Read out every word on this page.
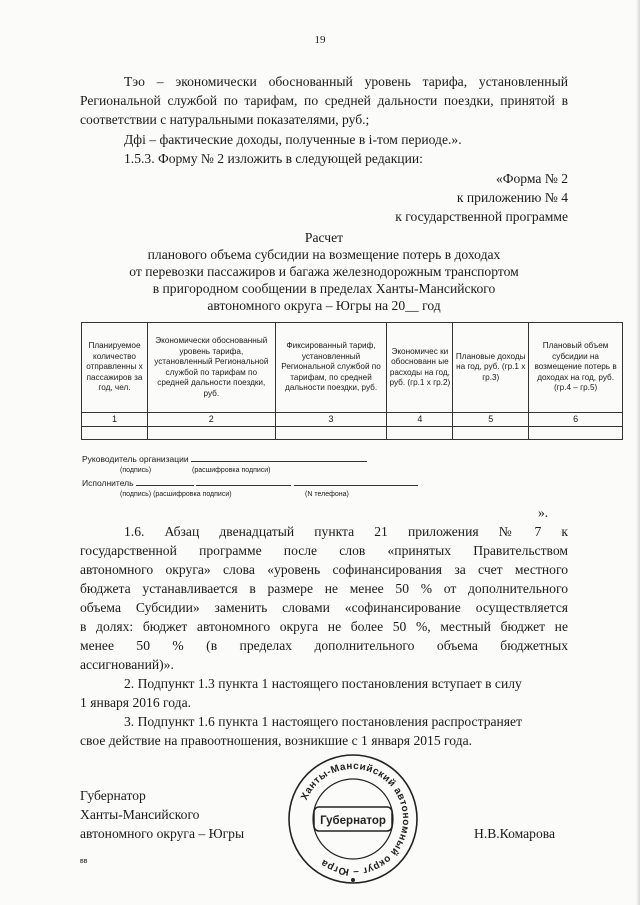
19
Тэо – экономически обоснованный уровень тарифа, установленный Региональной службой по тарифам, по средней дальности поездки, принятой в соответствии с натуральными показателями, руб.;
Дфi – фактические доходы, полученные в i-том периоде.».
1.5.3. Форму № 2 изложить в следующей редакции:
«Форма № 2
к приложению № 4
к государственной программе
Расчет
планового объема субсидии на возмещение потерь в доходах
от перевозки пассажиров и багажа железнодорожным транспортом
в пригородном сообщении в пределах Ханты-Мансийского
автономного округа – Югры на 20__ год
Планируемое количество отправленны х пассажиров за год, чел.	Экономически обоснованный уровень тарифа, установленный Региональной службой по тарифам по средней дальности поездки, руб.	Фиксированный тариф, установленный Региональной службой по тарифам, по средней дальности поездки, руб.	Экономичес ки обоснованн ые расходы на год, руб. (гр.1 х гр.2)	Плановые доходы на год, руб. (гр.1 х гр.3)	Плановый объем субсидии на возмещение потерь в доходах на год, руб. (гр.4 – гр.5)
1	2	3	4	5	6

Руководитель организации
(подпись)	(расшифровка подписи)
Исполнитель
(подпись) (расшифровка подписи)	(N телефона)
».
1.6. Абзац двенадцатый пункта 21 приложения № 7 к
государственной программе после слов «принятых Правительством
автономного округа» слова «уровень софинансирования за счет местного
бюджета устанавливается в размере не менее 50 % от дополнительного
объема Субсидии» заменить словами «софинансирование осуществляется
в долях: бюджет автономного округа не более 50 %, местный бюджет не
менее 50 % (в пределах дополнительного объема бюджетных
ассигнований)».
2. Подпункт 1.3 пункта 1 настоящего постановления вступает в силу
1 января 2016 года.
3. Подпункт 1.6 пункта 1 настоящего постановления распространяет
свое действие на правоотношения, возникшие с 1 января 2015 года.
Губернатор
Ханты-Мансийского
автономного округа – Югры	Н.В.Комарова
Ханты-Мансийский автономный округ – Югра
Губернатор
вв
